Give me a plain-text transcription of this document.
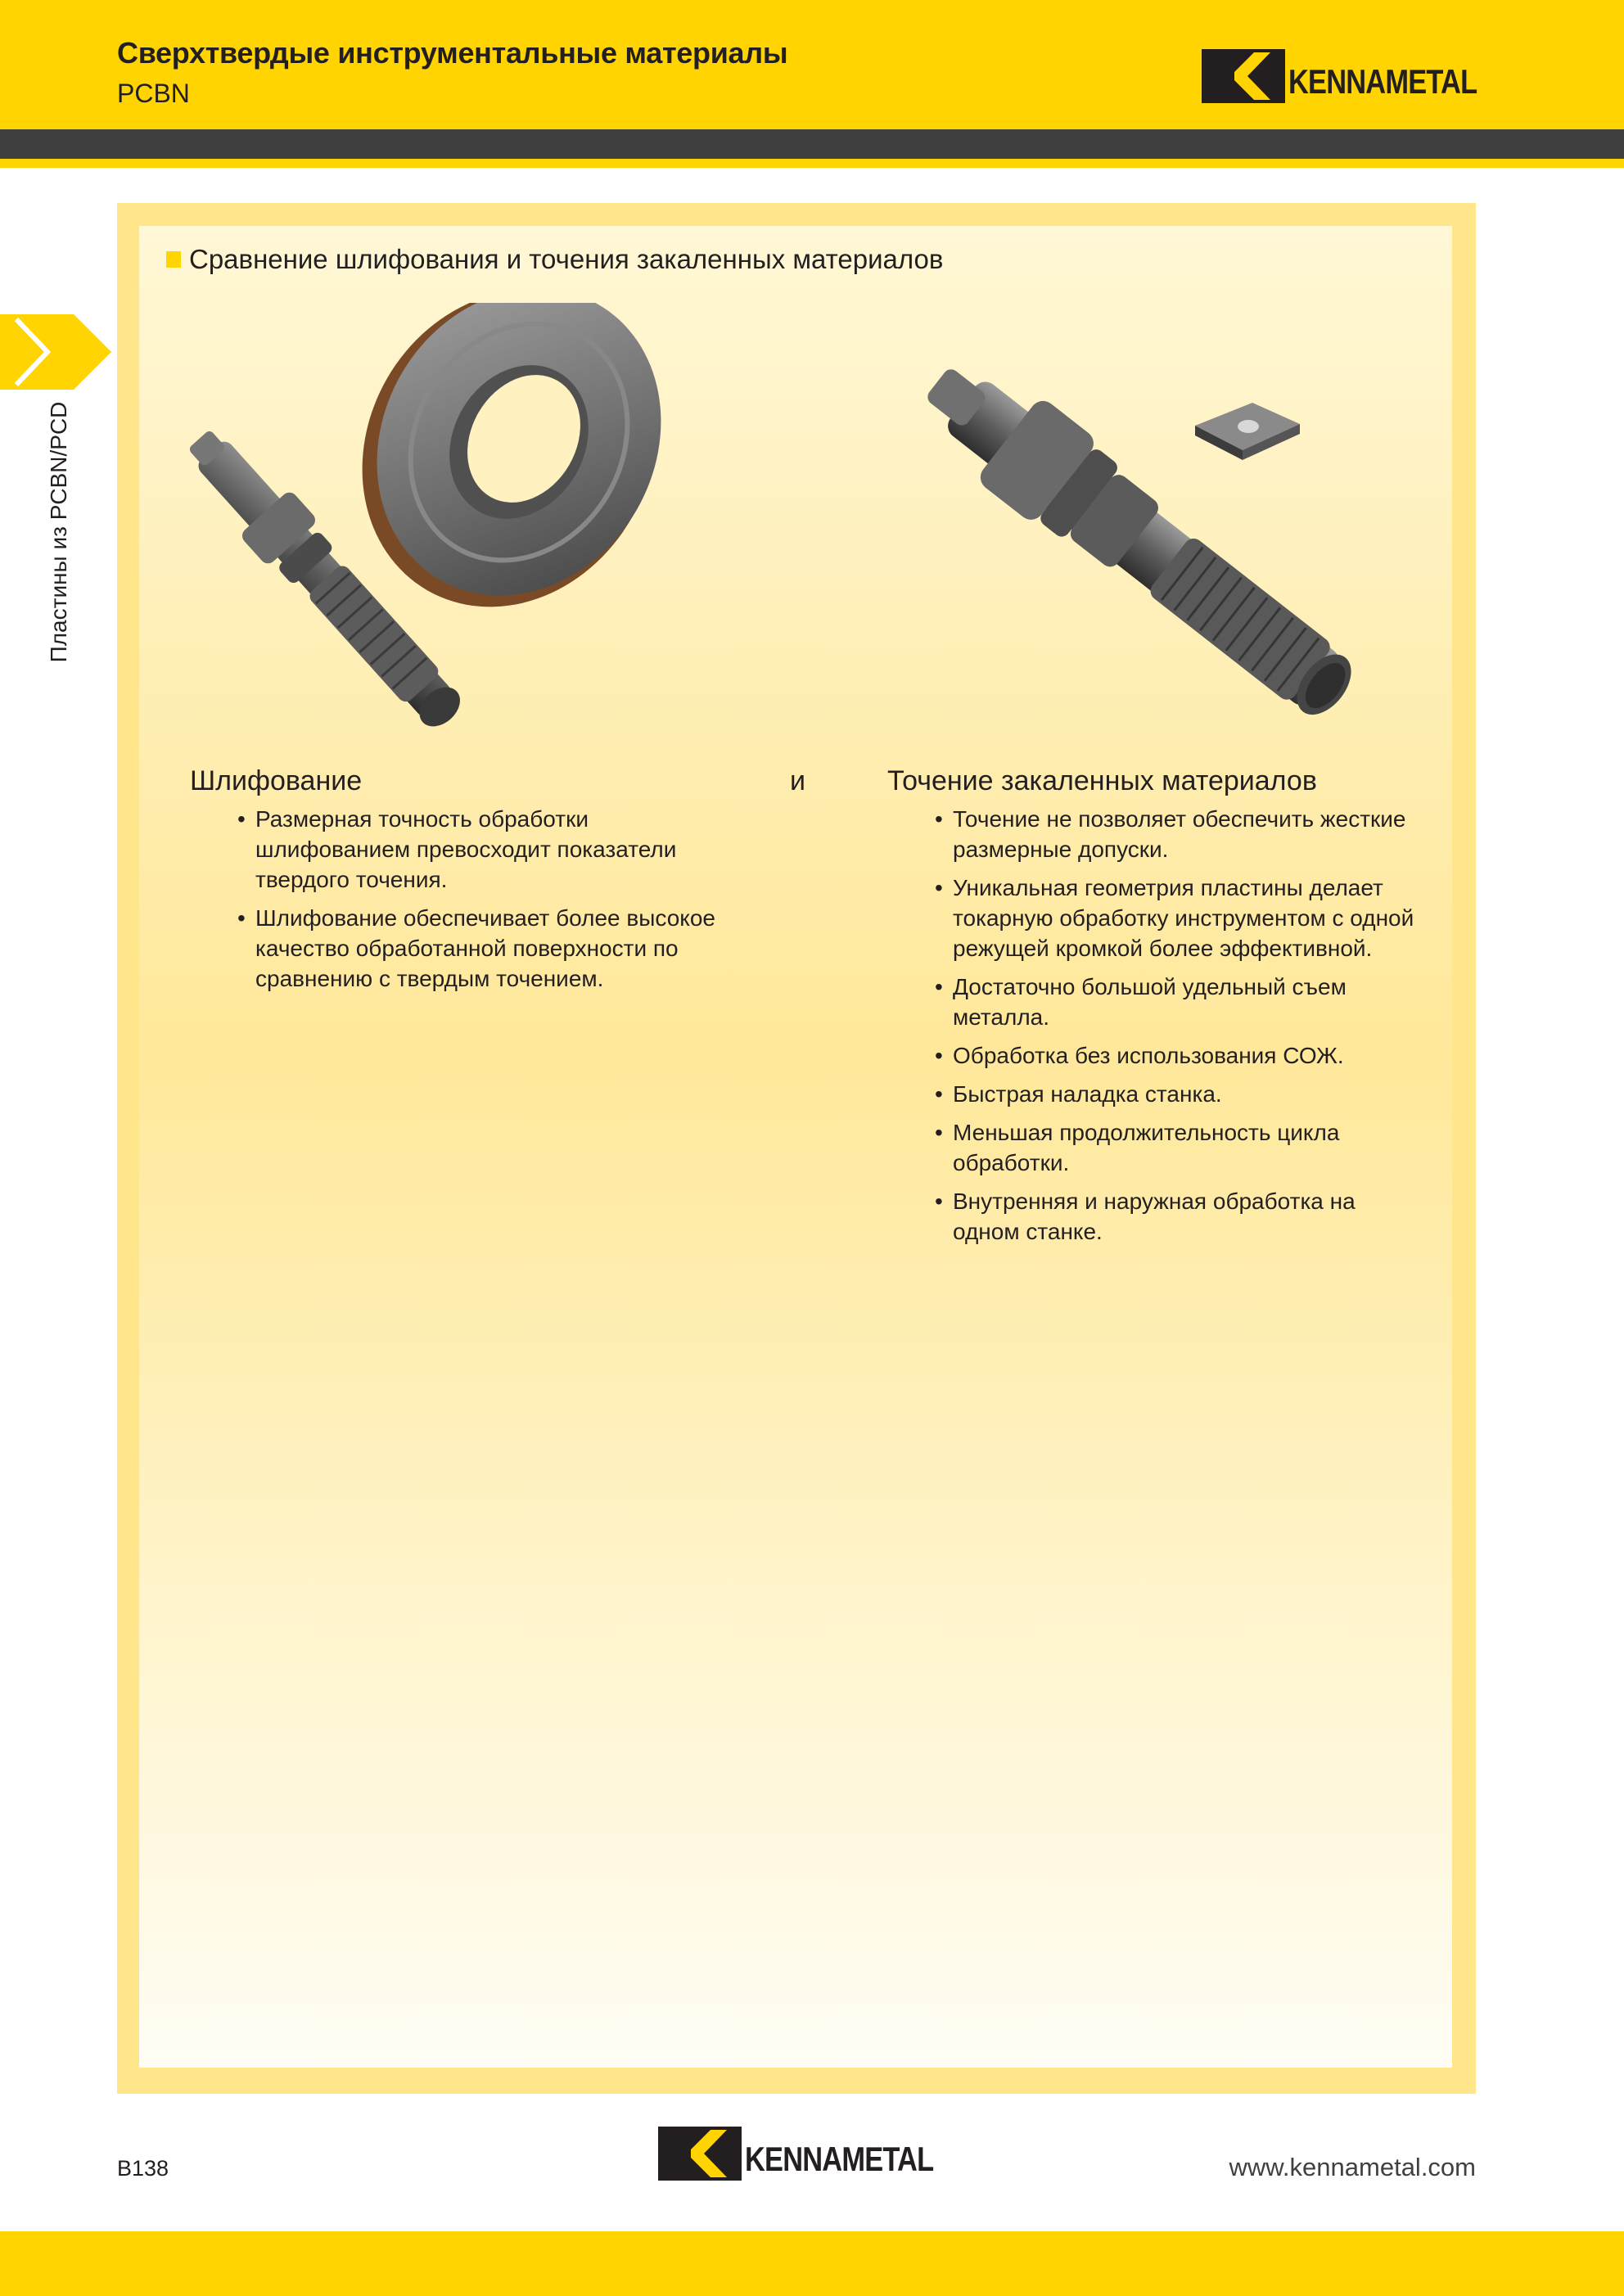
Сверхтвердые инструментальные материалы
PCBN	KENNAMETAL
Пластины из PCBN/PCD
Сравнение шлифования и точения закаленных материалов
Шлифование	и	Точение закаленных материалов
• Размерная точность обработки шлифованием превосходит показатели твердого точения.
• Шлифование обеспечивает более высокое качество обработанной поверхности по сравнению с твердым точением.
• Точение не позволяет обеспечить жесткие размерные допуски.
• Уникальная геометрия пластины делает токарную обработку инструментом с одной режущей кромкой более эффективной.
• Достаточно большой удельный съем металла.
• Обработка без использования СОЖ.
• Быстрая наладка станка.
• Меньшая продолжительность цикла обработки.
• Внутренняя и наружная обработка на одном станке.
B138	KENNAMETAL	www.kennametal.com
